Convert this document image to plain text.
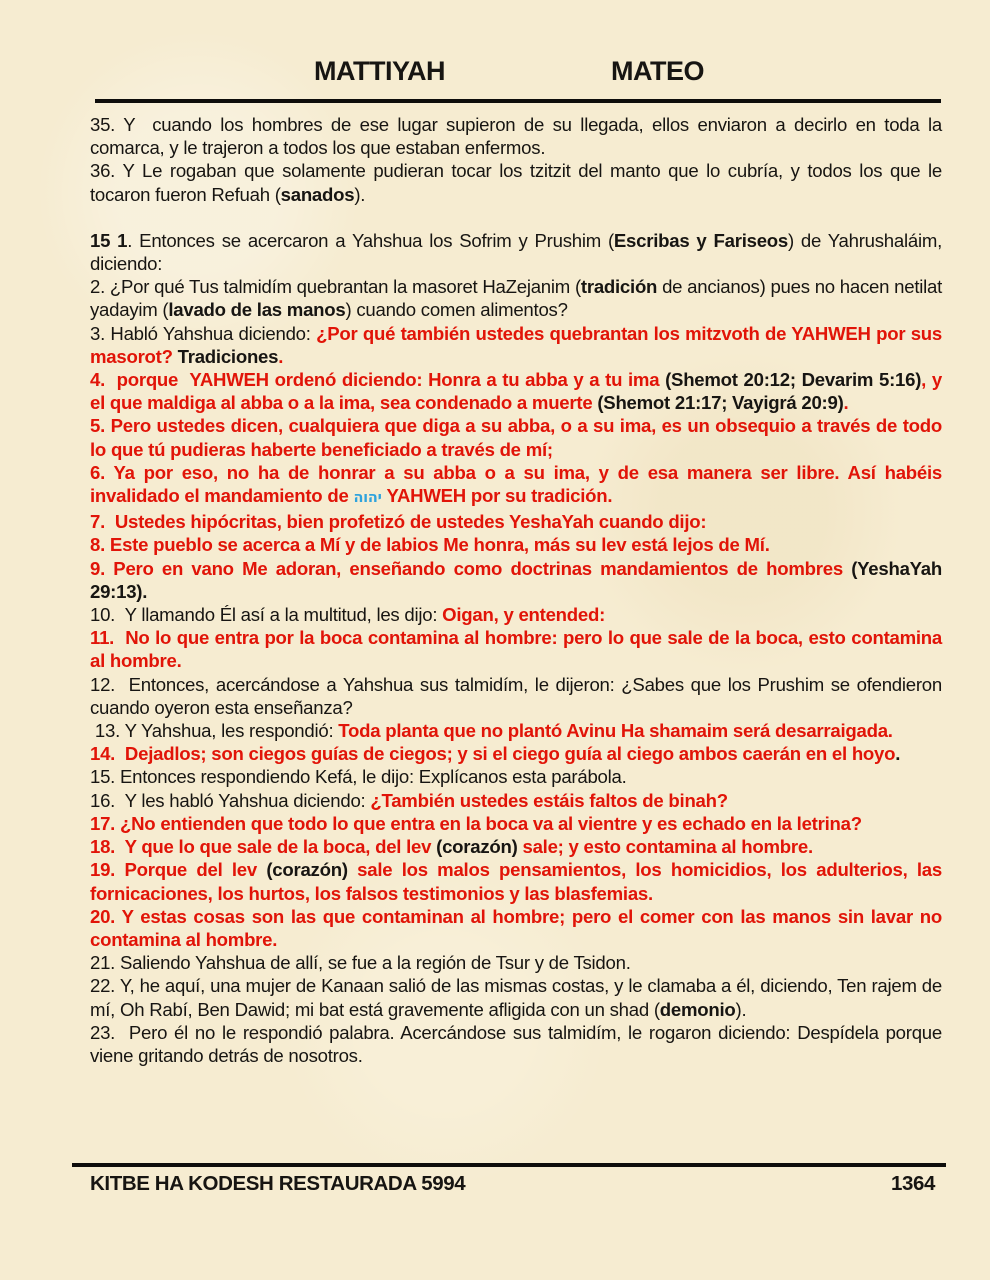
MATTIYAH	MATEO

35. Y  cuando los hombres de ese lugar supieron de su llegada, ellos enviaron a decirlo en toda la comarca, y le trajeron a todos los que estaban enfermos.

36. Y Le rogaban que solamente pudieran tocar los tzitzit del manto que lo cubría, y todos los que le tocaron fueron Refuah (sanados).

15 1. Entonces se acercaron a Yahshua los Sofrim y Prushim (Escribas y Fariseos) de Yahrushaláim, diciendo:

2. ¿Por qué Tus talmidím quebrantan la masoret HaZejanim (tradición de ancianos) pues no hacen netilat yadayim (lavado de las manos) cuando comen alimentos?

3. Habló Yahshua diciendo: ¿Por qué también ustedes quebrantan los mitzvoth de YAHWEH por sus masorot? Tradiciones.

4.  porque  YAHWEH ordenó diciendo: Honra a tu abba y a tu ima (Shemot 20:12; Devarim 5:16), y el que maldiga al abba o a la ima, sea condenado a muerte (Shemot 21:17; Vayigrá 20:9).

5. Pero ustedes dicen, cualquiera que diga a su abba, o a su ima, es un obsequio a través de todo lo que tú pudieras haberte beneficiado a través de mí;

6. Ya por eso, no ha de honrar a su abba o a su ima, y de esa manera ser libre. Así habéis invalidado el mandamiento de יהוה YAHWEH por su tradición.

7.  Ustedes hipócritas, bien profetizó de ustedes YeshaYah cuando dijo:

8. Este pueblo se acerca a Mí y de labios Me honra, más su lev está lejos de Mí.

9. Pero en vano Me adoran, enseñando como doctrinas mandamientos de hombres (YeshaYah 29:13).

10.  Y llamando Él así a la multitud, les dijo: Oigan, y entended:

11.  No lo que entra por la boca contamina al hombre: pero lo que sale de la boca, esto contamina al hombre.

12.  Entonces, acercándose a Yahshua sus talmidím, le dijeron: ¿Sabes que los Prushim se ofendieron cuando oyeron esta enseñanza?

13. Y Yahshua, les respondió: Toda planta que no plantó Avinu Ha shamaim será desarraigada.

14.  Dejadlos; son ciegos guías de ciegos; y si el ciego guía al ciego ambos caerán en el hoyo.

15. Entonces respondiendo Kefá, le dijo: Explícanos esta parábola.

16.  Y les habló Yahshua diciendo: ¿También ustedes estáis faltos de binah?

17. ¿No entienden que todo lo que entra en la boca va al vientre y es echado en la letrina?

18.  Y que lo que sale de la boca, del lev (corazón) sale; y esto contamina al hombre.

19. Porque del lev (corazón) sale los malos pensamientos, los homicidios, los adulterios, las fornicaciones, los hurtos, los falsos testimonios y las blasfemias.

20. Y estas cosas son las que contaminan al hombre; pero el comer con las manos sin lavar no contamina al hombre.

21. Saliendo Yahshua de allí, se fue a la región de Tsur y de Tsidon.

22. Y, he aquí, una mujer de Kanaan salió de las mismas costas, y le clamaba a él, diciendo, Ten rajem de mí, Oh Rabí, Ben Dawid; mi bat está gravemente afligida con un shad (demonio).

23.  Pero él no le respondió palabra. Acercándose sus talmidím, le rogaron diciendo: Despídela porque viene gritando detrás de nosotros.

KITBE HA KODESH RESTAURADA 5994	1364
